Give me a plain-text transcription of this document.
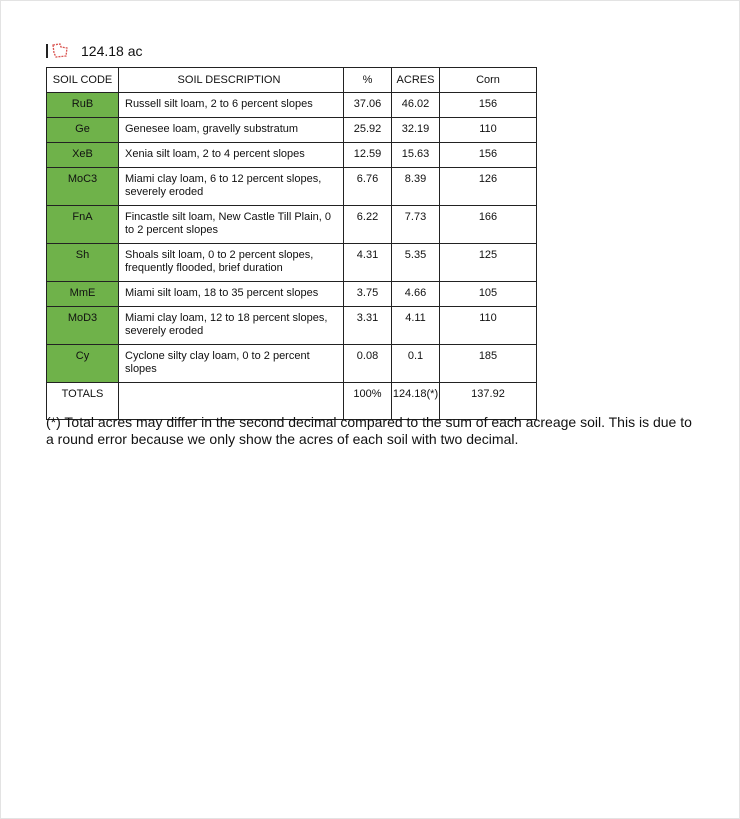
124.18 ac
SOIL CODE	SOIL DESCRIPTION	%	ACRES	Corn
RuB	Russell silt loam, 2 to 6 percent slopes	37.06	46.02	156
Ge	Genesee loam, gravelly substratum	25.92	32.19	110
XeB	Xenia silt loam, 2 to 4 percent slopes	12.59	15.63	156
MoC3	Miami clay loam, 6 to 12 percent slopes, severely eroded	6.76	8.39	126
FnA	Fincastle silt loam, New Castle Till Plain, 0 to 2 percent slopes	6.22	7.73	166
Sh	Shoals silt loam, 0 to 2 percent slopes, frequently flooded, brief duration	4.31	5.35	125
MmE	Miami silt loam, 18 to 35 percent slopes	3.75	4.66	105
MoD3	Miami clay loam, 12 to 18 percent slopes, severely eroded	3.31	4.11	110
Cy	Cyclone silty clay loam, 0 to 2 percent slopes	0.08	0.1	185
TOTALS		100%	124.18(*)	137.92
(*) Total acres may differ in the second decimal compared to the sum of each acreage soil. This is due to a round error because we only show the acres of each soil with two decimal.
